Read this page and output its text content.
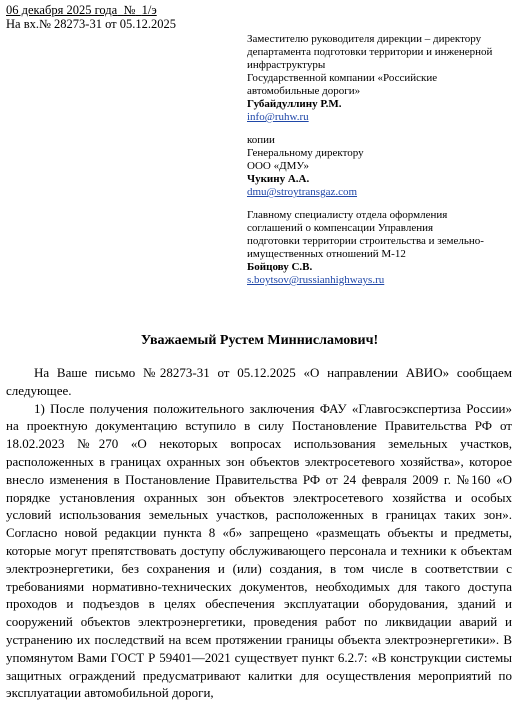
06 декабря 2025 года № 1/э
На вх.№ 28273-31 от 05.12.2025
Заместителю руководителя дирекции – директору
департамента подготовки территории и инженерной
инфраструктуры
Государственной компании «Российские
автомобильные дороги»
Губайдуллину Р.М.
info@ruhw.ru
копии
Генеральному директору
ООО «ДМУ»
Чукину А.А.
dmu@stroytransgaz.com
Главному специалисту отдела оформления
соглашений о компенсации Управления
подготовки территории строительства и земельно-
имущественных отношений М-12
Бойцову С.В.
s.boytsov@russianhighways.ru
Уважаемый Рустем Миннисламович!

На Ваше письмо №28273-31 от 05.12.2025 «О направлении АВИО» сообщаем следующее.

1) После получения положительного заключения ФАУ «Главгосэкспертиза России» на проектную документацию вступило в силу Постановление Правительства РФ от 18.02.2023 №270 «О некоторых вопросах использования земельных участков, расположенных в границах охранных зон объектов электросетевого хозяйства», которое внесло изменения в Постановление Правительства РФ от 24 февраля 2009 г. №160 «О порядке установления охранных зон объектов электросетевого хозяйства и особых условий использования земельных участков, расположенных в границах таких зон». Согласно новой редакции пункта 8 «б» запрещено «размещать объекты и предметы, которые могут препятствовать доступу обслуживающего персонала и техники к объектам электроэнергетики, без сохранения и (или) создания, в том числе в соответствии с требованиями нормативно-технических документов, необходимых для такого доступа проходов и подъездов в целях обеспечения эксплуатации оборудования, зданий и сооружений объектов электроэнергетики, проведения работ по ликвидации аварий и устранению их последствий на всем протяжении границы объекта электроэнергетики». В упомянутом Вами ГОСТ Р 59401—2021 существует пункт 6.2.7: «В конструкции системы защитных ограждений предусматривают калитки для осуществления мероприятий по эксплуатации автомобильной дороги,
